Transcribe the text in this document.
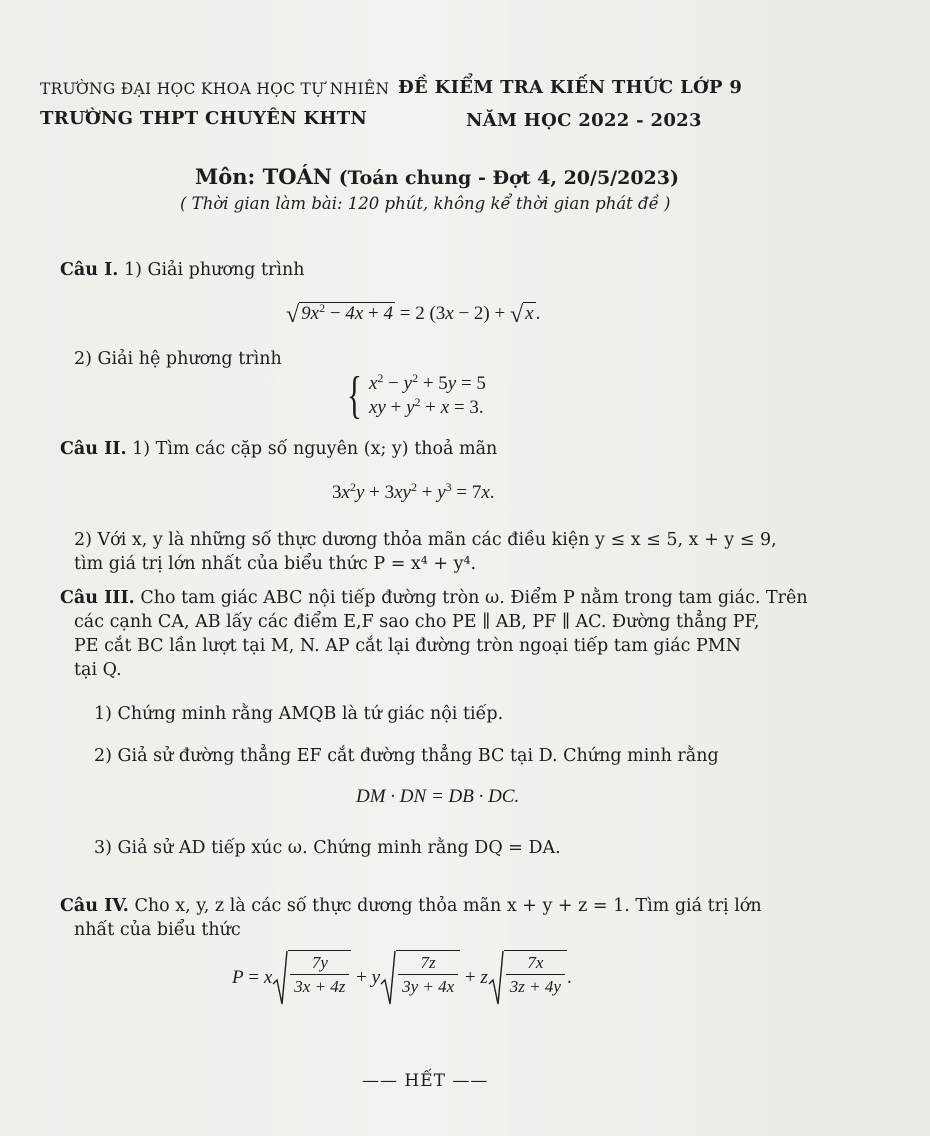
TRƯỜNG ĐẠI HỌC KHOA HỌC TỰ NHIÊN
TRƯỜNG THPT CHUYÊN KHTN
ĐỀ KIỂM TRA KIẾN THỨC LỚP 9
NĂM HỌC 2022 - 2023
Môn: TOÁN (Toán chung - Đợt 4, 20/5/2023)
( Thời gian làm bài: 120 phút, không kể thời gian phát đề )
Câu I. 1) Giải phương trình
√ $9x^2 - 4x + 4 = 2$ (3x − 2) + √ x .
2) Giải hệ phương trình
{ $x^2 - y^2 + 5y = 5$
xy + $y^2 + x = 3$.
Câu II. 1) Tìm các cặp số nguyên (x; y) thoả mãn
$3x^2y + 3xy^2 + y^3 = 7x$.
2) Với x, y là những số thực dương thỏa mãn các điều kiện y ≤ x ≤ 5, x + y ≤ 9,
tìm giá trị lớn nhất của biểu thức P = x⁴ + y⁴.
Câu III. Cho tam giác ABC nội tiếp đường tròn ω. Điểm P nằm trong tam giác. Trên
các cạnh CA, AB lấy các điểm E,F sao cho PE ∥ AB, PF ∥ AC. Đường thẳng PF,
PE cắt BC lần lượt tại M, N. AP cắt lại đường tròn ngoại tiếp tam giác PMN
tại Q.
1) Chứng minh rằng AMQB là tứ giác nội tiếp.
2) Giả sử đường thẳng EF cắt đường thẳng BC tại D. Chứng minh rằng
DM · DN = DB · DC.
3) Giả sử AD tiếp xúc ω. Chứng minh rằng DQ = DA.
Câu IV. Cho x, y, z là các số thực dương thỏa mãn x + y + z = 1. Tìm giá trị lớn
nhất của biểu thức
P
=
x $\frac{7y}{3x + 4z}$
+
y $\frac{7z}{3y + 4x}$
+
z $\frac{7x}{3z + 4y}$ .
—— HẾT ——
